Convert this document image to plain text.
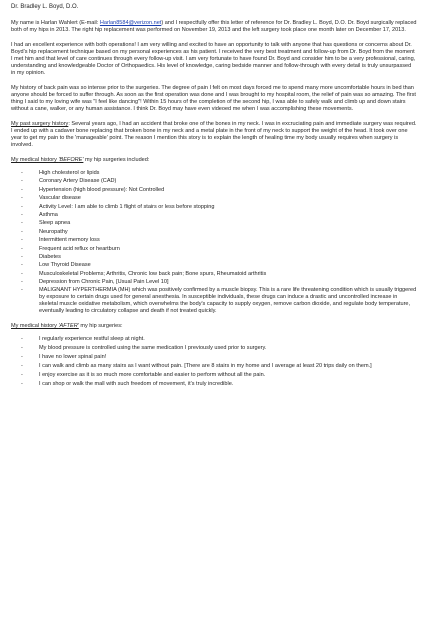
Dr. Bradley L. Boyd, D.O.

My name is Harlan Wahlert (E-mail: Harlan8584@verizon.net) and I respectfully offer this letter of reference for Dr. Bradley L. Boyd, D.O. Dr. Boyd surgically replaced both of my hips in 2013. The right hip replacement was performed on November 19, 2013 and the left surgery took place one month later on December 17, 2013.

I had an excellent experience with both operations! I am very willing and excited to have an opportunity to talk with anyone that has questions or concerns about Dr. Boyd's hip replacement technique based on my personal experiences as his patient. I received the very best treatment and follow-up from Dr. Boyd from the moment I met him and that level of care continues through every follow-up visit. I am very fortunate to have found Dr. Boyd and consider him to be a very professional, caring, understanding and knowledgeable Doctor of Orthopaedics. His level of knowledge, caring bedside manner and follow-through with every detail is truly unsurpassed in my opinion.

My history of back pain was so intense prior to the surgeries. The degree of pain I felt on most days forced me to spend many more uncomfortable hours in bed than anyone should be forced to suffer through. As soon as the first operation was done and I was brought to my hospital room, the relief of pain was so amazing. The first thing I said to my loving wife was "I feel like dancing"! Within 15 hours of the completion of the second hip, I was able to safely walk and climb up and down stairs without a cane, walker, or any human assistance. I think Dr. Boyd may have even videoed me when I was accomplishing these movements.

My past surgery history: Several years ago, I had an accident that broke one of the bones in my neck. I was in excruciating pain and immediate surgery was required. I ended up with a cadaver bone replacing that broken bone in my neck and a metal plate in the front of my neck to support the weight of the head. It took over one year to get my pain to the 'manageable' point. The reason I mention this story is to explain the length of healing time my body usually requires when surgery is involved.

My medical history 'BEFORE' my hip surgeries included:
- High cholesterol or lipids
- Coronary Artery Disease (CAD)
- Hypertension (high blood pressure): Not Controlled
- Vascular disease
- Activity Level: I am able to climb 1 flight of stairs or less before stopping
- Asthma
- Sleep apnea
- Neuropathy
- Intermittent memory loss
- Frequent acid reflux or heartburn
- Diabetes
- Low Thyroid Disease
- Musculoskeletal Problems; Arthritis, Chronic low back pain; Bone spurs, Rheumatoid arthritis
- Depression from Chronic Pain, [Usual Pain Level 10]
- MALIGNANT HYPERTHERMIA (MH) which was positively confirmed by a muscle biopsy. This is a rare life threatening condition which is usually triggered by exposure to certain drugs used for general anesthesia. In susceptible individuals, these drugs can induce a drastic and uncontrolled increase in skeletal muscle oxidative metabolism, which overwhelms the body's capacity to supply oxygen, remove carbon dioxide, and regulate body temperature, eventually leading to circulatory collapse and death if not treated quickly.
My medical history 'AFTER' my hip surgeries:
- I regularly experience restful sleep at night.
- My blood pressure is controlled using the same medication I previously used prior to surgery.
- I have no lower spinal pain!
- I can walk and climb as many stairs as I want without pain. [There are 8 stairs in my home and I average at least 20 trips daily on them.]
- I enjoy exercise as it is so much more comfortable and easier to perform without all the pain.
- I can shop or walk the mall with such freedom of movement, it's truly incredible.
